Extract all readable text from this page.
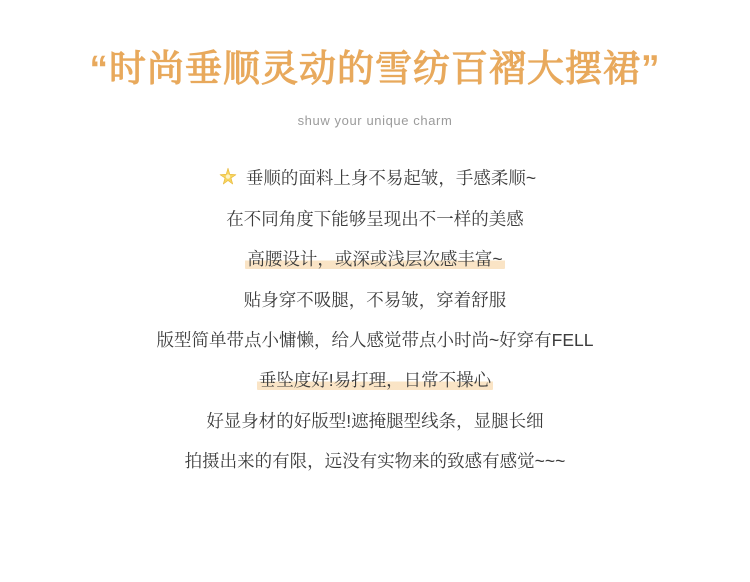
“时尚垂顺灵动的雪纺百褶大摆裙”
shuw your unique charm
垂顺的面料上身不易起皱，手感柔顺~
在不同角度下能够呈现出不一样的美感
高腰设计，或深或浅层次感丰富~
贴身穿不吸腿，不易皱，穿着舒服
版型简单带点小慵懒，给人感觉带点小时尚~好穿有FELL
垂坠度好!易打理，日常不操心
好显身材的好版型!遮掩腿型线条，显腿长细
拍摄出来的有限，远没有实物来的致感有感觉~~~
